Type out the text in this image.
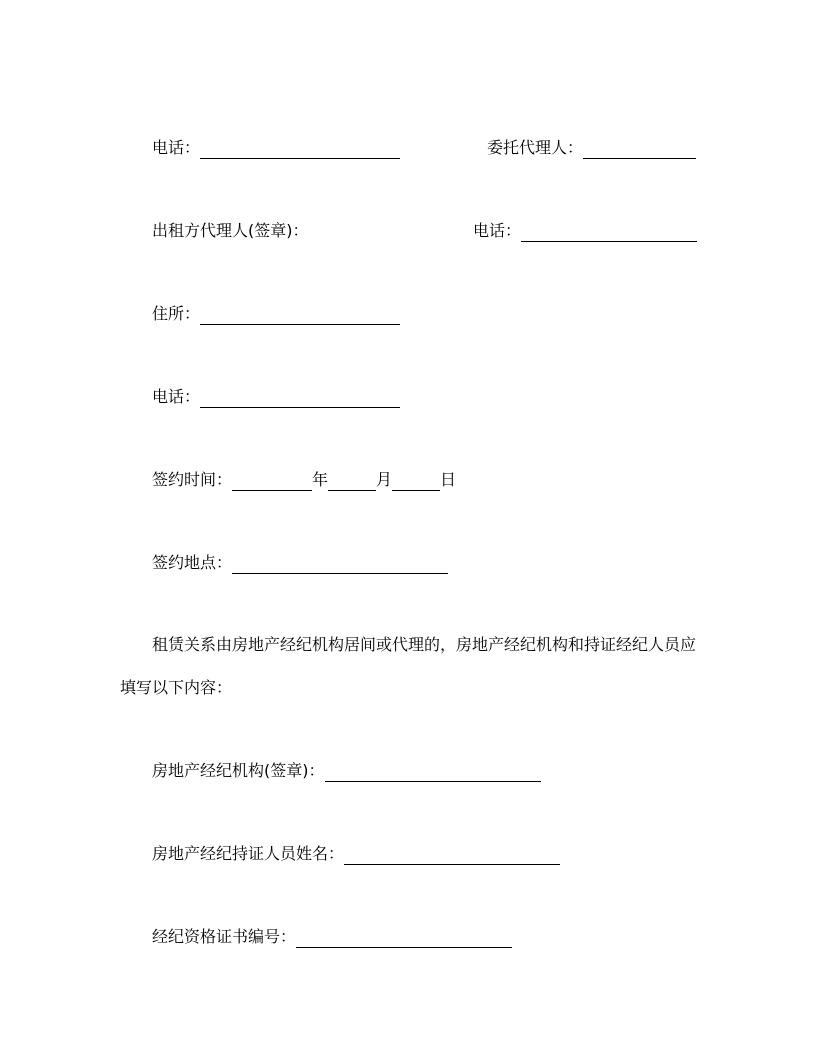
电话：	委托代理人：
出租方代理人(签章)：	电话：
住所：
电话：
签约时间：	年	月	日
签约地点：
租赁关系由房地产经纪机构居间或代理的，房地产经纪机构和持证经纪人员应
填写以下内容：
房地产经纪机构(签章)：
房地产经纪持证人员姓名：
经纪资格证书编号：
